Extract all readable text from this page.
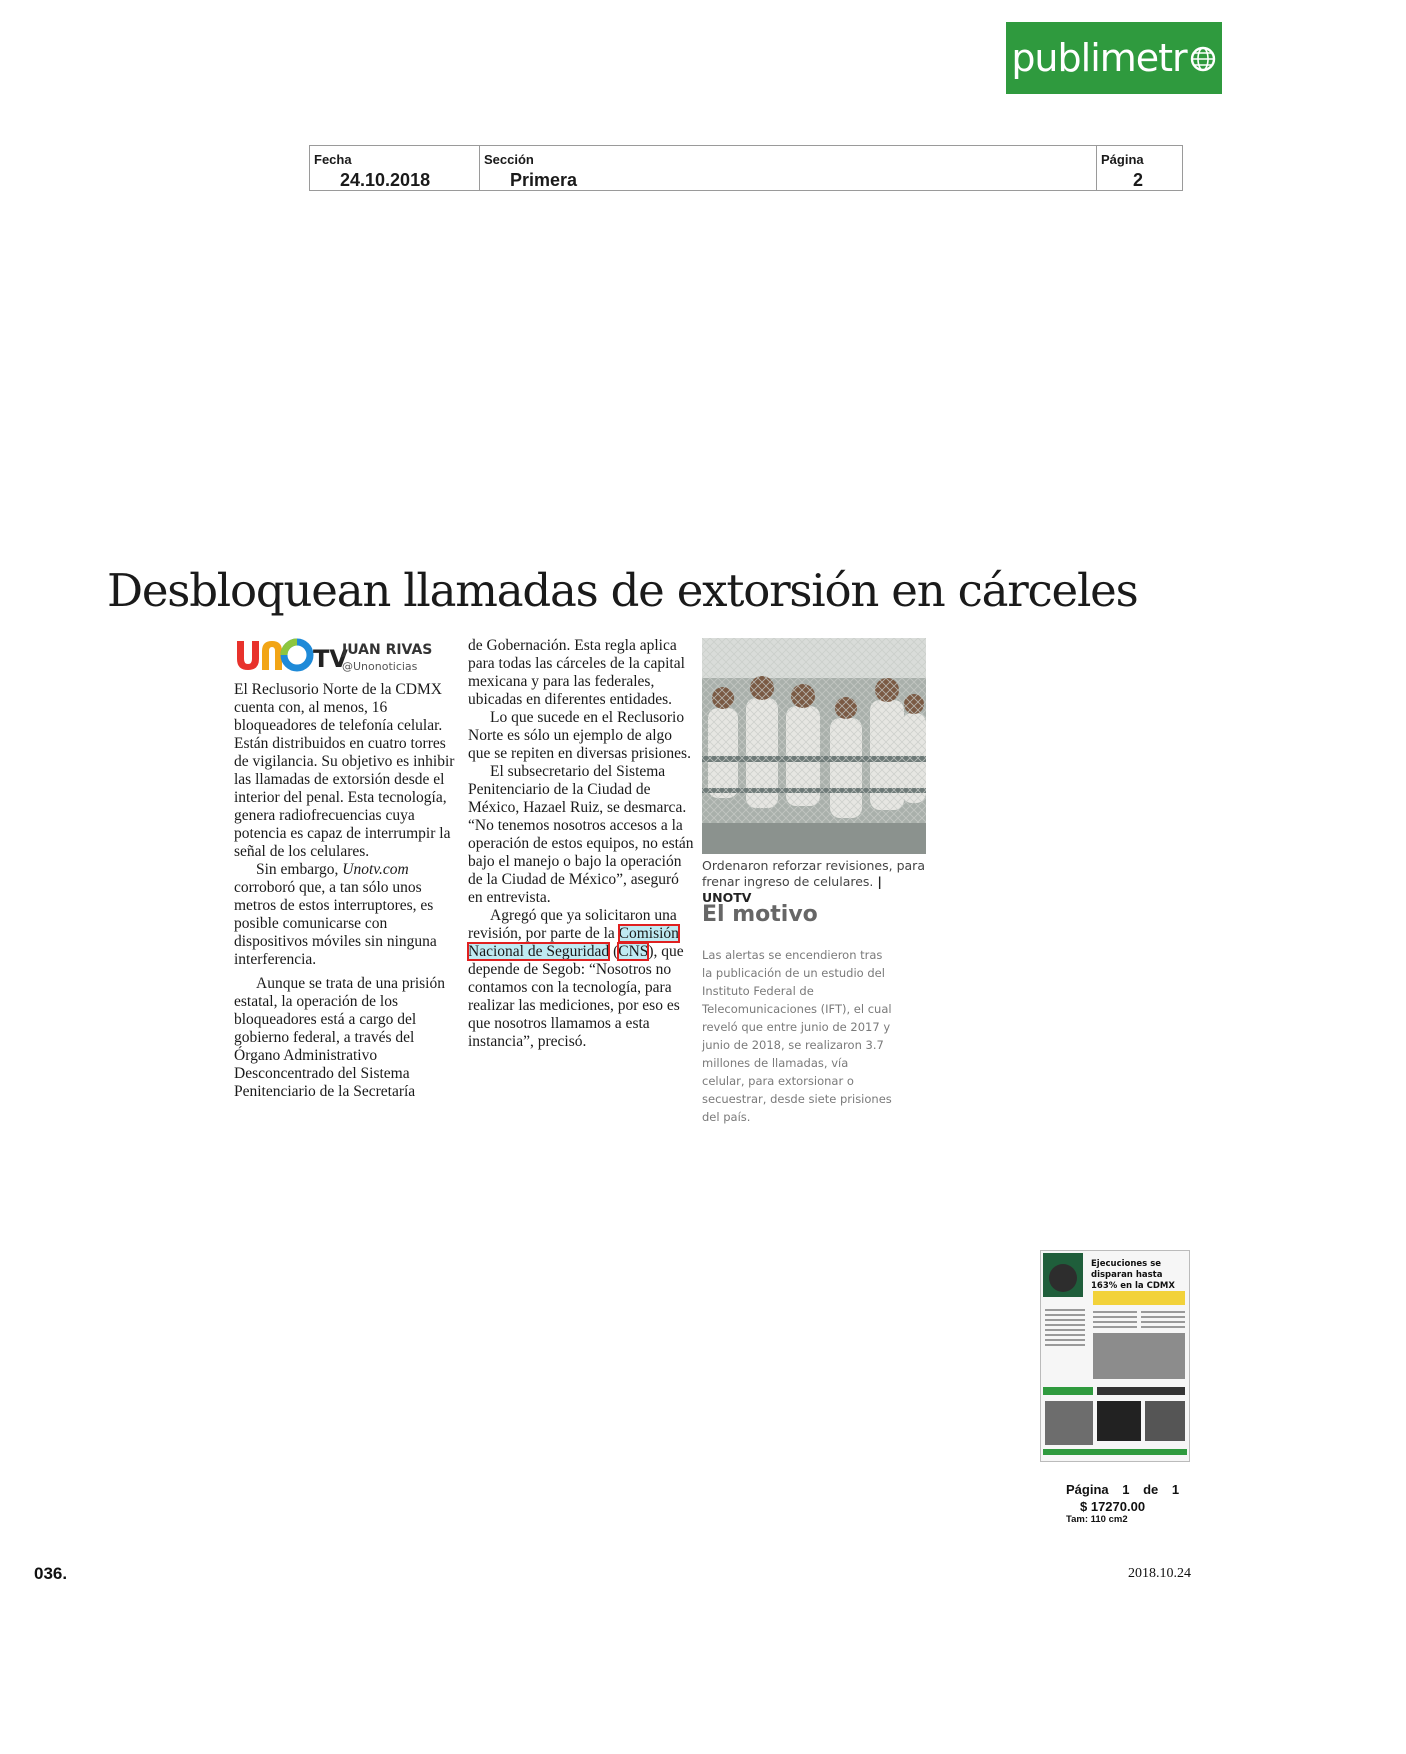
publimetr
Fecha
24.10.2018
Sección
Primera
Página
2
Desbloquean llamadas de extorsión en cárceles
TV
JUAN RIVAS
@Unonoticias

El Reclusorio Norte de la CDMX cuenta con, al menos, 16 bloqueadores de telefonía celular. Están distribuidos en cuatro torres de vigilancia. Su objetivo es inhibir las llamadas de extorsión desde el interior del penal. Esta tecnología, genera radiofrecuencias cuya potencia es capaz de interrumpir la señal de los celulares.

Sin embargo, Unotv.com corroboró que, a tan sólo unos metros de estos interruptores, es posible comunicarse con dispositivos móviles sin ninguna interferencia.

Aunque se trata de una prisión estatal, la operación de los bloqueadores está a cargo del gobierno federal, a través del Órgano Administrativo Desconcentrado del Sistema Penitenciario de la Secretaría

de Gobernación. Esta regla aplica para todas las cárceles de la capital mexicana y para las federales, ubicadas en diferentes entidades.

Lo que sucede en el Reclusorio Norte es sólo un ejemplo de algo que se repiten en diversas prisiones.

El subsecretario del Sistema Penitenciario de la Ciudad de México, Hazael Ruiz, se desmarca. “No tenemos nosotros accesos a la operación de estos equipos, no están bajo el manejo o bajo la operación de la Ciudad de México”, aseguró en entrevista.

Agregó que ya solicitaron una revisión, por parte de la Comisión Nacional de Seguridad (CNS), que depende de Segob: “Nosotros no contamos con la tecnología, para realizar las mediciones, por eso es que nosotros llamamos a esta instancia”, precisó.

Ordenaron reforzar revisiones, para frenar ingreso de celulares. | UNOTV
El motivo
Las alertas se encendieron tras la publicación de un estudio del Instituto Federal de Telecomunicaciones (IFT), el cual reveló que entre junio de 2017 y junio de 2018, se realizaron 3.7 millones de llamadas, vía celular, para extorsionar o secuestrar, desde siete prisiones del país.
Ejecuciones se disparan hasta 163% en la CDMX
Página 1 de 1
$ 17270.00
Tam: 110 cm2
036.	2018.10.24
